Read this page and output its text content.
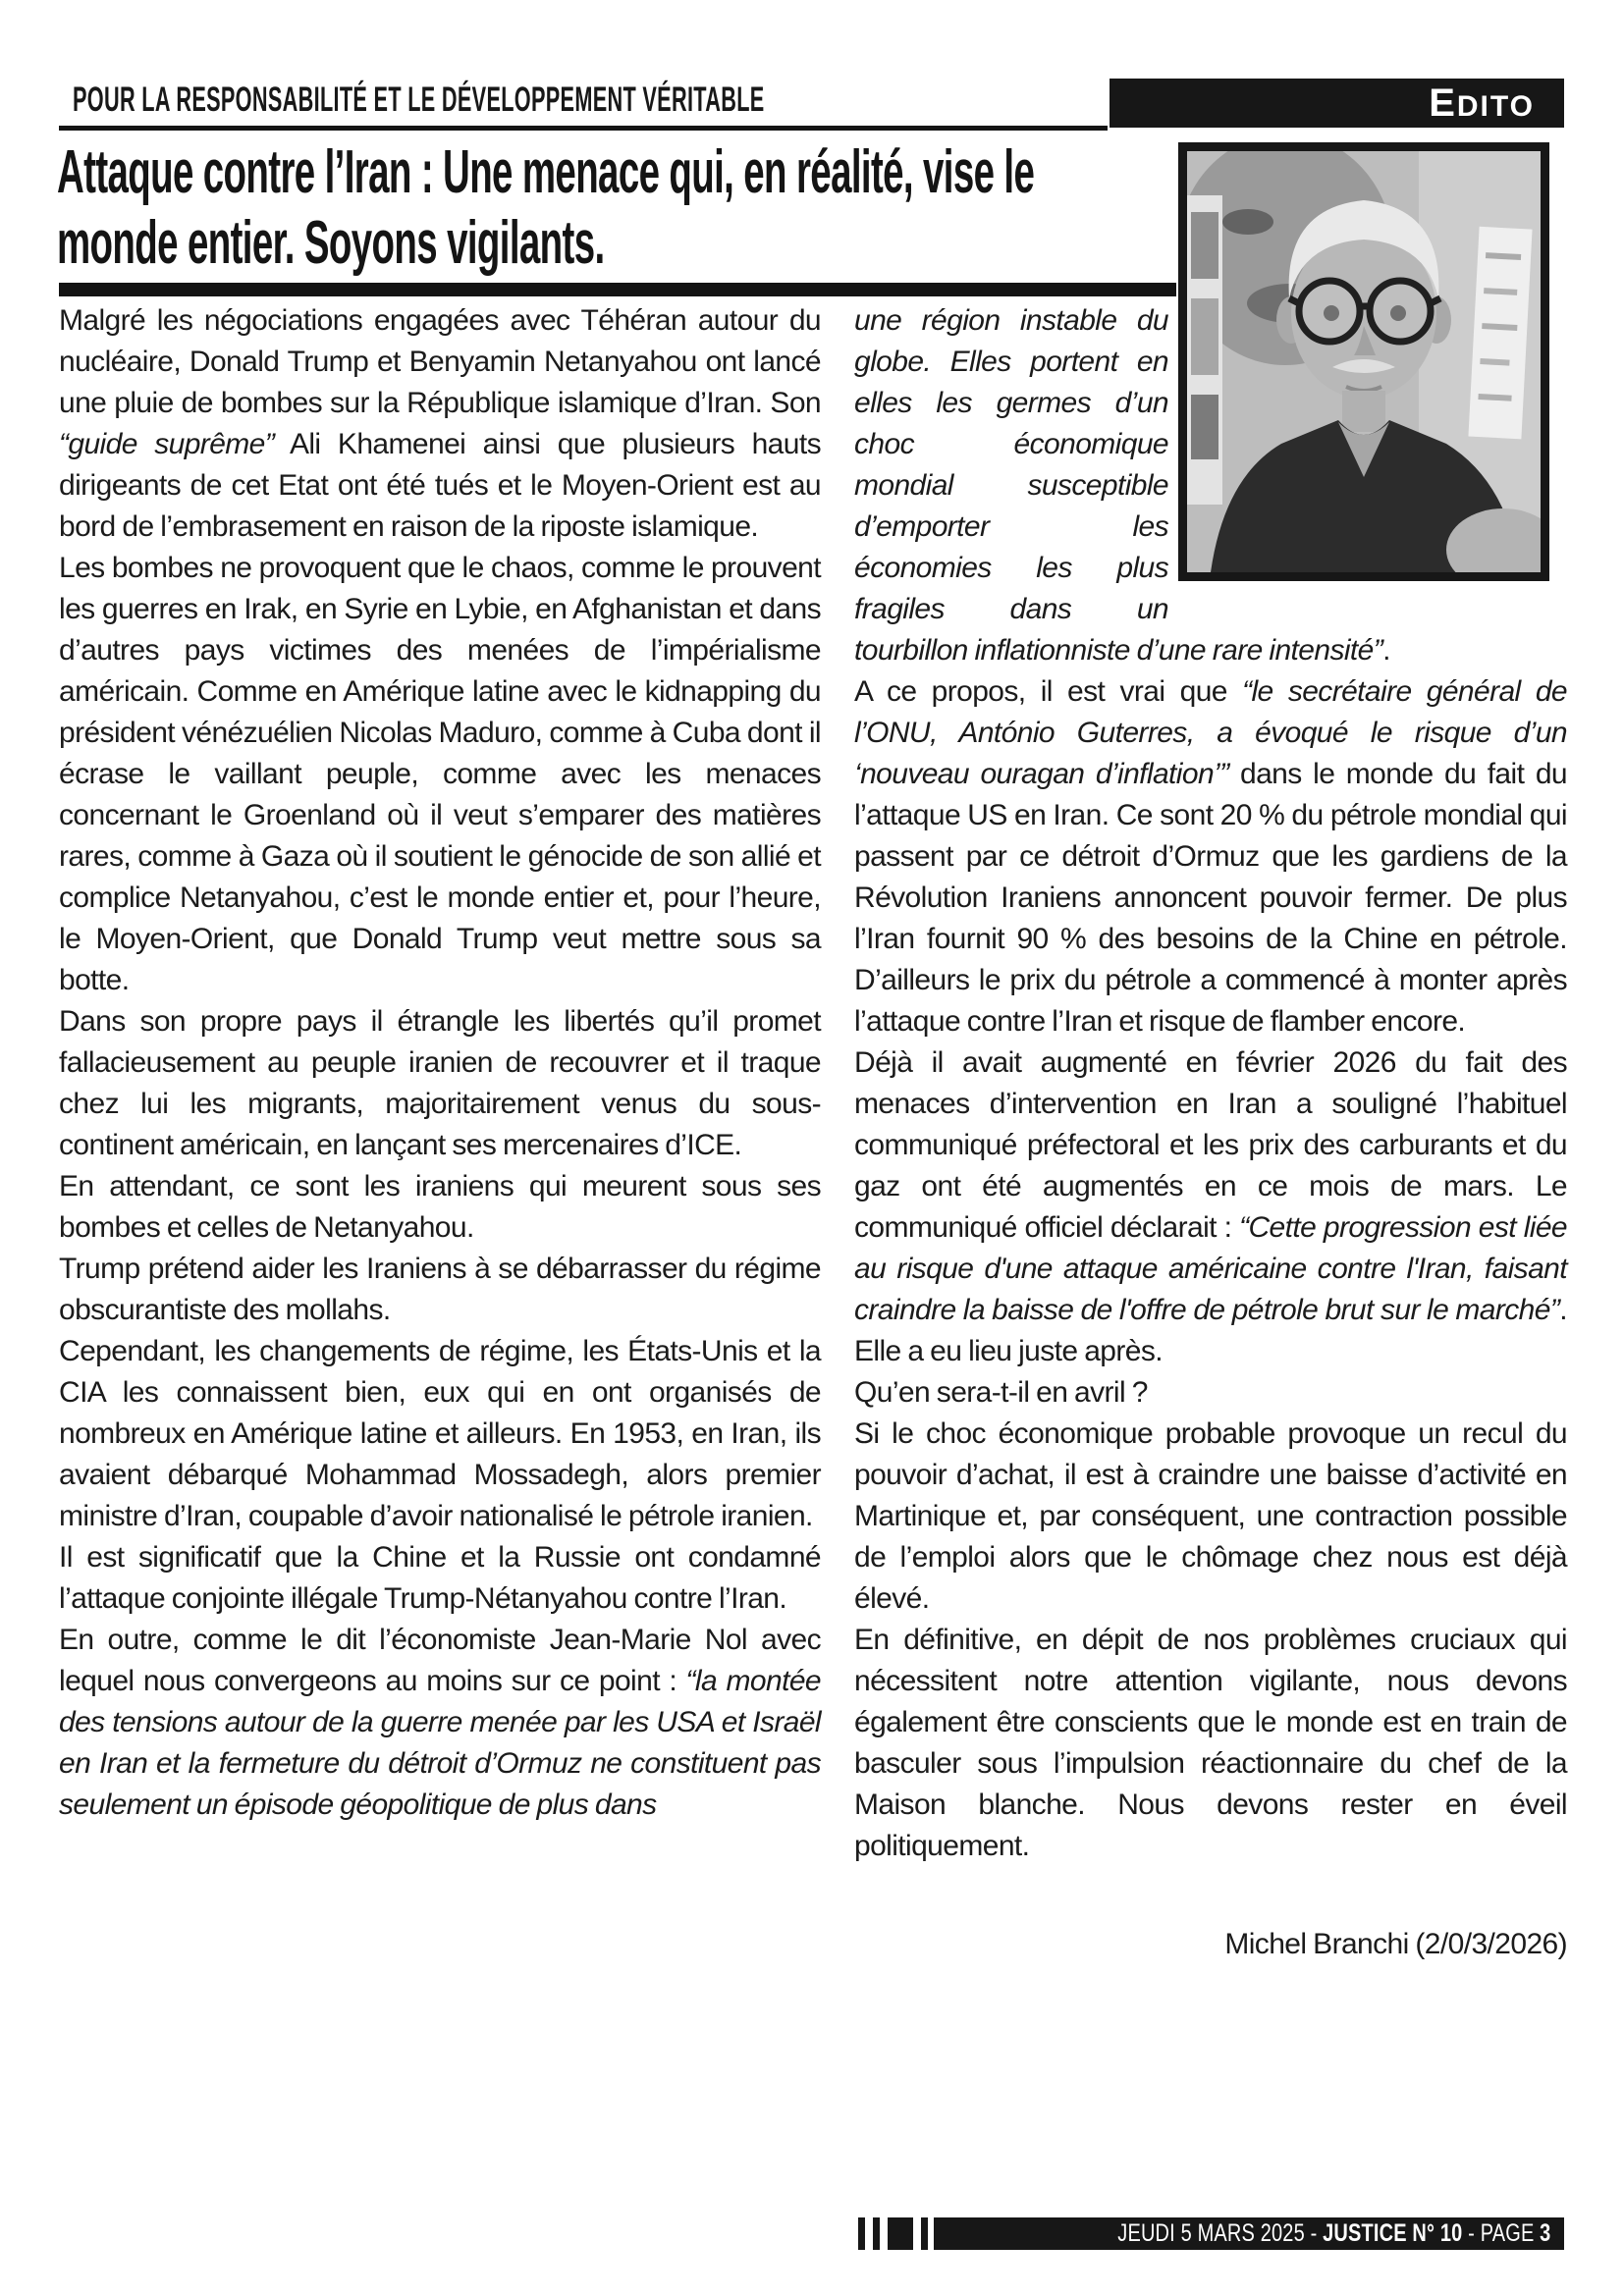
POUR LA RESPONSABILITÉ ET LE DÉVELOPPEMENT VÉRITABLE	EDITO
Attaque contre l’Iran : Une menace qui, en réalité, vise le monde entier. Soyons vigilants.

Malgré les négociations engagées avec Téhéran autour du nucléaire, Donald Trump et Benyamin Netanyahou ont lancé une pluie de bombes sur la République islamique d’Iran. Son “guide suprême” Ali Khamenei ainsi que plusieurs hauts dirigeants de cet Etat ont été tués et le Moyen-Orient est au bord de l’embrasement en raison de la riposte islamique.

Les bombes ne provoquent que le chaos, comme le prouvent les guerres en Irak, en Syrie en Lybie, en Afghanistan et dans d’autres pays victimes des menées de l’impérialisme américain. Comme en Amérique latine avec le kidnapping du président vénézuélien Nicolas Maduro, comme à Cuba dont il écrase le vaillant peuple, comme avec les menaces concernant le Groenland où il veut s’emparer des matières rares, comme à Gaza où il soutient le génocide de son allié et complice Netanyahou, c’est le monde entier et, pour l’heure, le Moyen-Orient, que Donald Trump veut mettre sous sa botte.

Dans son propre pays il étrangle les libertés qu’il promet fallacieusement au peuple iranien de recouvrer et il traque chez lui les migrants, majoritairement venus du sous-continent américain, en lançant ses mercenaires d’ICE.

En attendant, ce sont les iraniens qui meurent sous ses bombes et celles de Netanyahou.

Trump prétend aider les Iraniens à se débarrasser du régime obscurantiste des mollahs.

Cependant, les changements de régime, les États-Unis et la CIA les connaissent bien, eux qui en ont organisés de nombreux en Amérique latine et ailleurs. En 1953, en Iran, ils avaient débarqué Mohammad Mossadegh, alors premier ministre d’Iran, coupable d’avoir nationalisé le pétrole iranien.

Il est significatif que la Chine et la Russie ont condamné l’attaque conjointe illégale Trump-Nétanyahou contre l’Iran.

En outre, comme le dit l’économiste Jean-Marie Nol avec lequel nous convergeons au moins sur ce point : “la montée des tensions autour de la guerre menée par les USA et Israël en Iran et la fermeture du détroit d’Ormuz ne constituent pas seulement un épisode géopolitique de plus dans

une région instable du globe. Elles portent en elles les germes d’un choc économique mondial susceptible d’emporter les économies les plus fragiles dans un tourbillon inflationniste d’une rare intensité”.

A ce propos, il est vrai que “le secrétaire général de l’ONU, António Guterres, a évoqué le risque d’un ‘nouveau ouragan d’inflation’” dans le monde du fait du l’attaque US en Iran. Ce sont 20 % du pétrole mondial qui passent par ce détroit d’Ormuz que les gardiens de la Révolution Iraniens annoncent pouvoir fermer. De plus l’Iran fournit 90 % des besoins de la Chine en pétrole. D’ailleurs le prix du pétrole a commencé à monter après l’attaque contre l’Iran et risque de flamber encore.

Déjà il avait augmenté en février 2026 du fait des menaces d’intervention en Iran a souligné l’habituel communiqué préfectoral et les prix des carburants et du gaz ont été augmentés en ce mois de mars. Le communiqué officiel déclarait : “Cette progression est liée au risque d'une attaque américaine contre l'Iran, faisant craindre la baisse de l'offre de pétrole brut sur le marché”. Elle a eu lieu juste après.

Qu’en sera-t-il en avril ?

Si le choc économique probable provoque un recul du pouvoir d’achat, il est à craindre une baisse d’activité en Martinique et, par conséquent, une contraction possible de l’emploi alors que le chômage chez nous est déjà élevé.

En définitive, en dépit de nos problèmes cruciaux qui nécessitent notre attention vigilante, nous devons également être conscients que le monde est en train de basculer sous l’impulsion réactionnaire du chef de la Maison blanche. Nous devons rester en éveil politiquement.

Michel Branchi (2/0/3/2026)
JEUDI 5 MARS 2025 - JUSTICE N° 10 - PAGE 3
